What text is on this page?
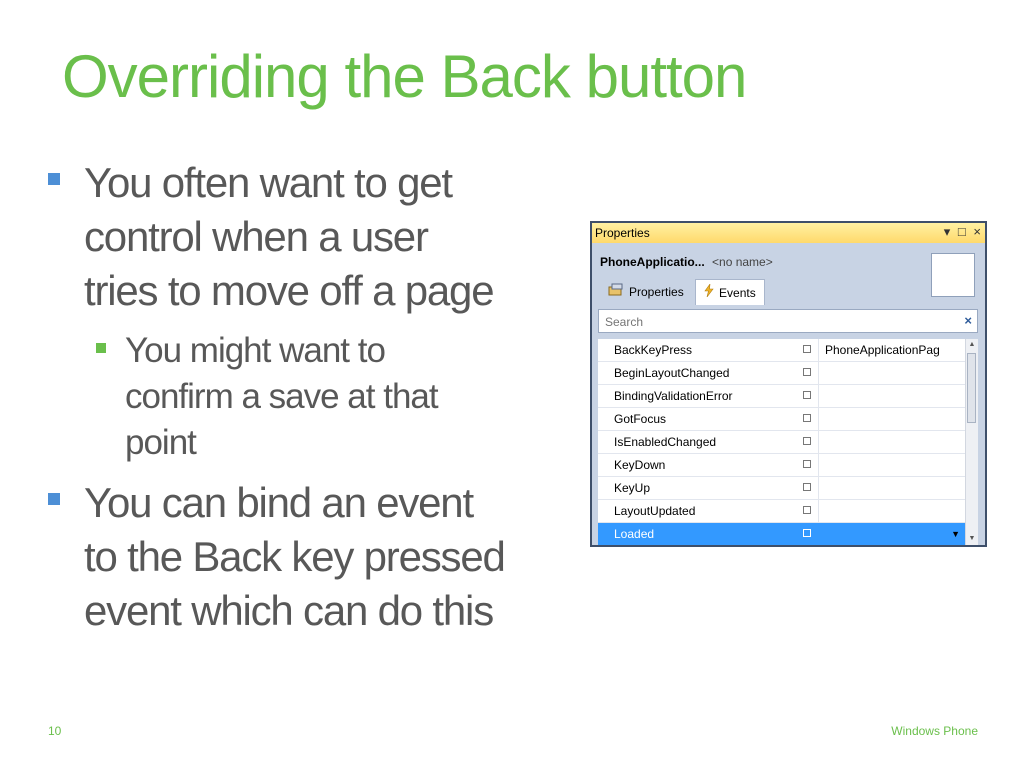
Overriding the Back button
You often want to get
control when a user
tries to move off a page
You might want to
confirm a save at that
point
You can bind an event
to the Back key pressed
event which can do this
Properties	▾ □ ×
PhoneApplicatio... <no name>
Properties	Events
Search
×
BackKeyPress	PhoneApplicationPag
BeginLayoutChanged
BindingValidationError
GotFocus
IsEnabledChanged
KeyDown
KeyUp
LayoutUpdated
Loaded	▼
▲
▼
10	Windows Phone
